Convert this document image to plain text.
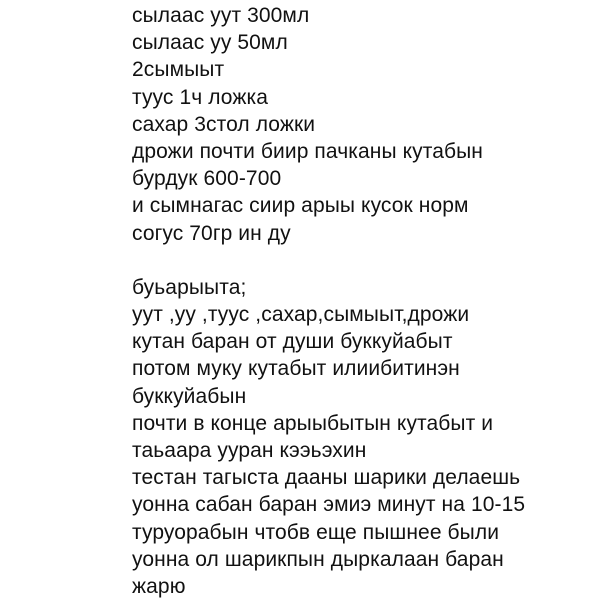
сылаас уут 300мл
сылаас уу 50мл
2сымыыт
туус 1ч ложка
сахар 3стол ложки
дрожи почти биир пачканы кутабын
бурдук 600-700
и сымнагас сиир арыы кусок норм
согус 70гр ин ду
буьарыыта;
уут ,уу ,туус ,сахар,сымыыт,дрожи
кутан баран от души буккуйабыт
потом муку кутабыт илиибитинэн
буккуйабын
почти в конце арыыбытын кутабыт и
таьаара ууран кээьэхин
тестан тагыста дааны шарики делаешь
уонна сабан баран эмиэ минут на 10-15
туруорабын чтобв еще пышнее были
уонна ол шарикпын дыркалаан баран
жарю
